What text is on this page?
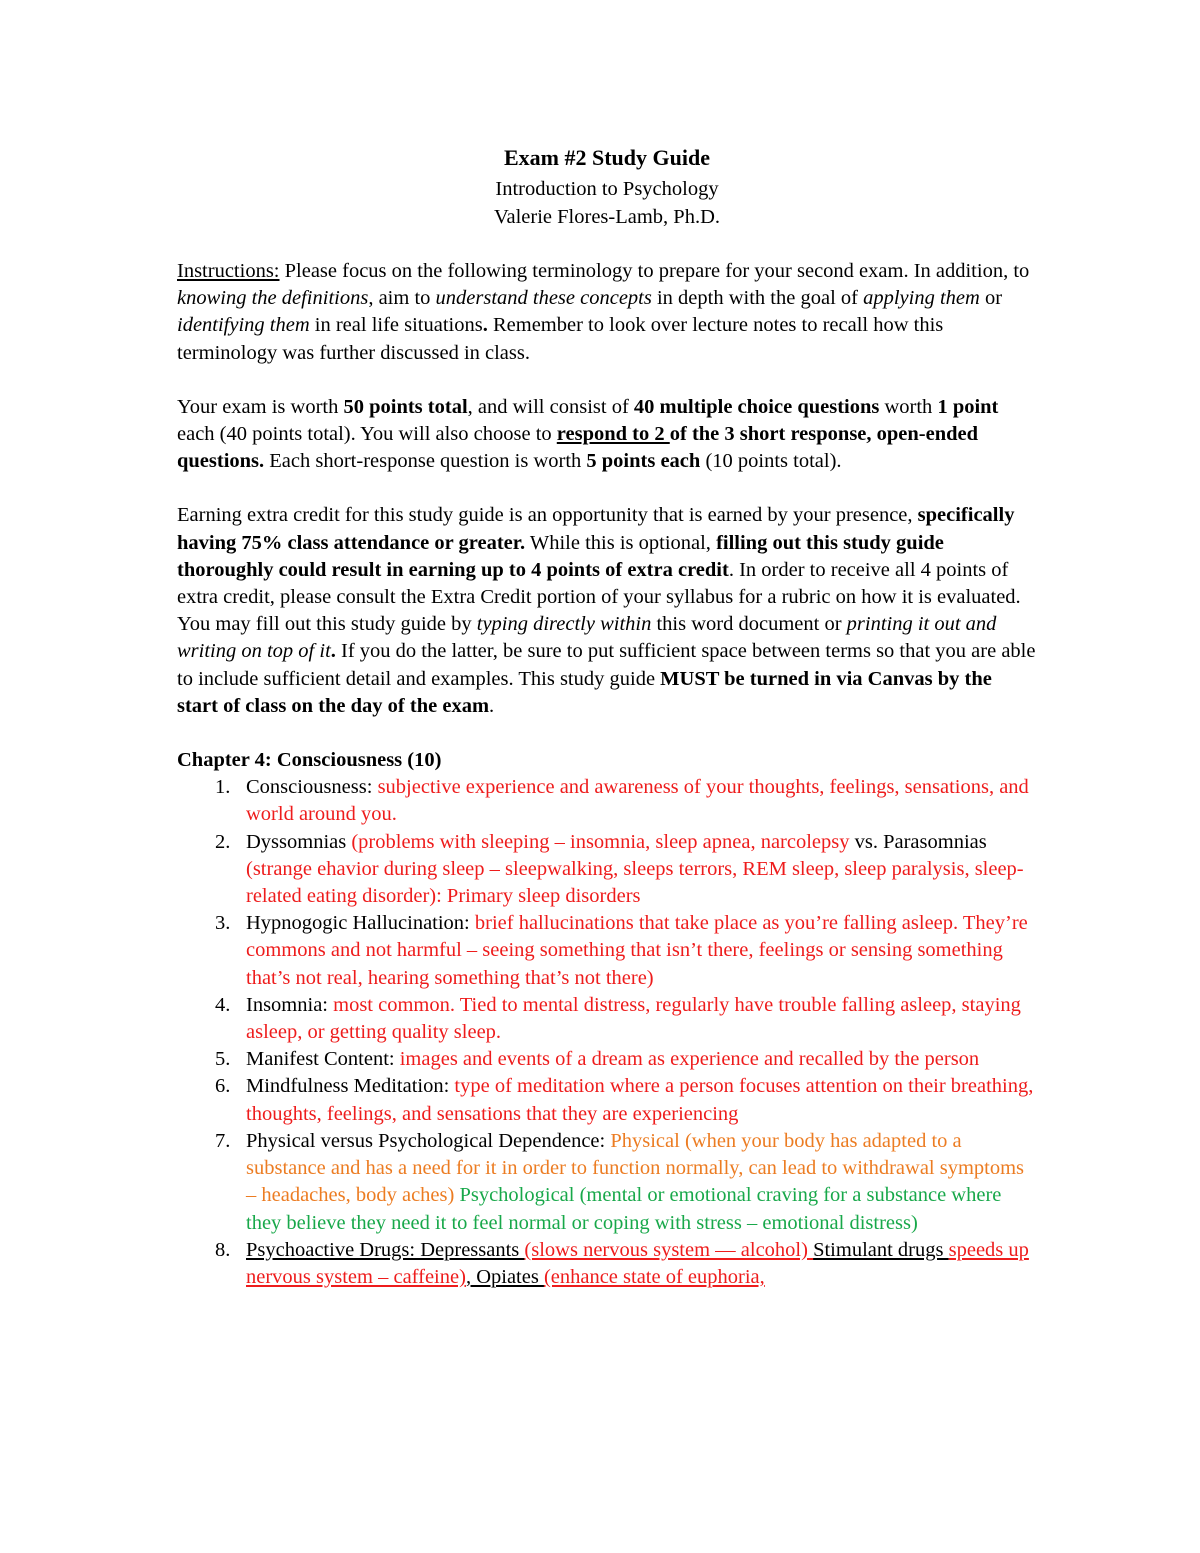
Exam #2 Study Guide
Introduction to Psychology
Valerie Flores-Lamb, Ph.D.

Instructions: Please focus on the following terminology to prepare for your second exam. In addition, to knowing the definitions, aim to understand these concepts in depth with the goal of applying them or identifying them in real life situations. Remember to look over lecture notes to recall how this terminology was further discussed in class.

Your exam is worth 50 points total, and will consist of 40 multiple choice questions worth 1 point each (40 points total). You will also choose to respond to 2 of the 3 short response, open-ended questions. Each short-response question is worth 5 points each (10 points total).

Earning extra credit for this study guide is an opportunity that is earned by your presence, specifically having 75% class attendance or greater. While this is optional, filling out this study guide thoroughly could result in earning up to 4 points of extra credit. In order to receive all 4 points of extra credit, please consult the Extra Credit portion of your syllabus for a rubric on how it is evaluated. You may fill out this study guide by typing directly within this word document or printing it out and writing on top of it. If you do the latter, be sure to put sufficient space between terms so that you are able to include sufficient detail and examples. This study guide MUST be turned in via Canvas by the start of class on the day of the exam.

Chapter 4: Consciousness (10)
1. Consciousness: subjective experience and awareness of your thoughts, feelings, sensations, and world around you.
2. Dyssomnias (problems with sleeping – insomnia, sleep apnea, narcolepsy vs. Parasomnias (strange ehavior during sleep – sleepwalking, sleeps terrors, REM sleep, sleep paralysis, sleep-related eating disorder): Primary sleep disorders
3. Hypnogogic Hallucination: brief hallucinations that take place as you’re falling asleep. They’re commons and not harmful – seeing something that isn’t there, feelings or sensing something that’s not real, hearing something that’s not there)
4. Insomnia: most common. Tied to mental distress, regularly have trouble falling asleep, staying asleep, or getting quality sleep.
5. Manifest Content: images and events of a dream as experience and recalled by the person
6. Mindfulness Meditation: type of meditation where a person focuses attention on their breathing, thoughts, feelings, and sensations that they are experiencing
7. Physical versus Psychological Dependence: Physical (when your body has adapted to a substance and has a need for it in order to function normally, can lead to withdrawal symptoms – headaches, body aches) Psychological (mental or emotional craving for a substance where they believe they need it to feel normal or coping with stress – emotional distress)
8. Psychoactive Drugs: Depressants (slows nervous system — alcohol) Stimulant drugs speeds up nervous system – caffeine), Opiates (enhance state of euphoria,
